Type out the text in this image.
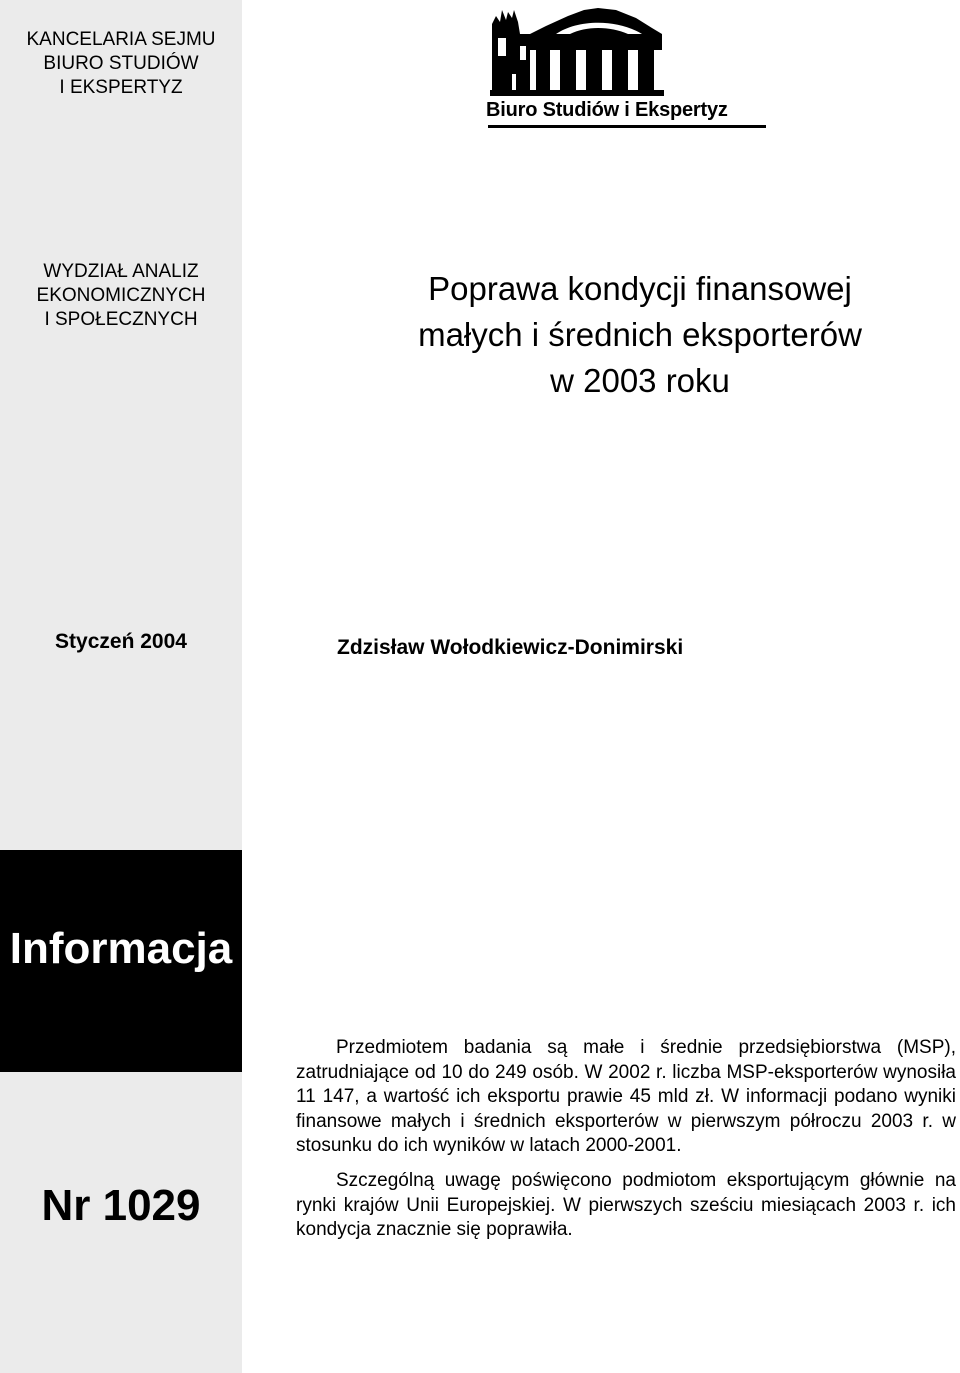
KANCELARIA SEJMU
BIURO STUDIÓW
I EKSPERTYZ
WYDZIAŁ ANALIZ
EKONOMICZNYCH
I SPOŁECZNYCH
Styczeń 2004
Informacja
Nr 1029
Biuro Studiów i Ekspertyz
Poprawa kondycji finansowej
małych i średnich eksporterów
w 2003 roku
Zdzisław Wołodkiewicz-Donimirski

Przedmiotem badania są małe i średnie przedsiębiorstwa (MSP), zatrudniające od 10 do 249 osób. W 2002 r. liczba MSP-eksporterów wynosiła 11 147, a wartość ich eksportu prawie 45 mld zł. W informacji podano wyniki finansowe małych i średnich eksporterów w pierwszym półroczu 2003 r. w stosunku do ich wyników w latach 2000-2001.

Szczególną uwagę poświęcono podmiotom eksportującym głównie na rynki krajów Unii Europejskiej. W pierwszych sześciu miesiącach 2003 r. ich kondycja znacznie się poprawiła.
